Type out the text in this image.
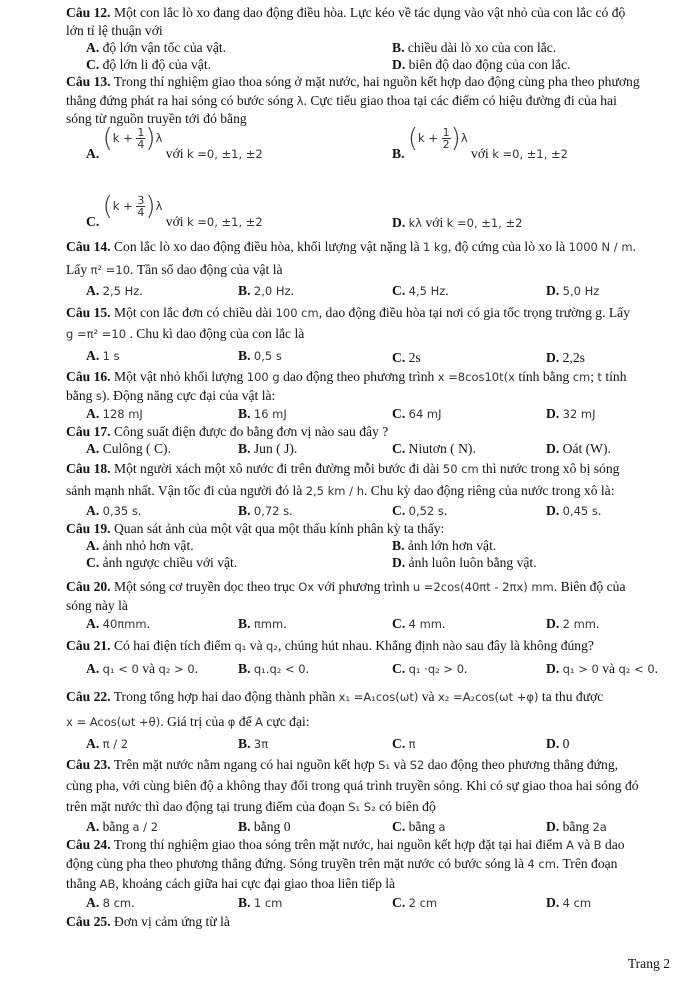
Câu 12. Một con lắc lò xo đang dao động điều hòa. Lực kéo về tác dụng vào vật nhỏ của con lắc có độ
lớn tỉ lệ thuận với
A. độ lớn vận tốc của vật.	B. chiều dài lò xo của con lắc.
C. độ lớn li độ của vật.	D. biên độ dao động của con lắc.
Câu 13. Trong thí nghiệm giao thoa sóng ở mặt nước, hai nguồn kết hợp dao động cùng pha theo phương
thẳng đứng phát ra hai sóng có bước sóng λ. Cực tiểu giao thoa tại các điểm có hiệu đường đi của hai
sóng từ nguồn truyền tới đó bằng
A. $^{(k + \frac{1}{4} )\lambda}$ với k =0, ±1, ±2	B. $^{(k + \frac{1}{2} )\lambda}$ với k =0, ±1, ±2
C. $^{(k + \frac{3}{4} )\lambda}$ với k =0, ±1, ±2	D. kλ với k =0, ±1, ±2
Câu 14. Con lắc lò xo dao động điều hòa, khối lượng vật nặng là 1 kg, độ cứng của lò xo là 1000 N / m.
Lấy π² =10. Tần số dao động của vật là
A. 2,5 Hz.	B. 2,0 Hz.	C. 4,5 Hz.	D. 5,0 Hz
Câu 15. Một con lắc đơn có chiều dài 100 cm, dao động điều hòa tại nơi có gia tốc trọng trường g. Lấy
g =π² =10 . Chu kì dao động của con lắc là
A. 1 s	B. 0,5 s	C. 2s	D. 2,2s
Câu 16. Một vật nhỏ khối lượng 100 g dao động theo phương trình x =8cos10t(x tính bằng cm; t tính
bằng s). Động năng cực đại của vật là:
A. 128 mJ	B. 16 mJ	C. 64 mJ	D. 32 mJ
Câu 17. Công suất điện được đo bằng đơn vị nào sau đây ?
A. Culông ( C).	B. Jun ( J).	C. Niutơn ( N).	D. Oát (W).
Câu 18. Một người xách một xô nước đi trên đường mỗi bước đi dài 50 cm thì nước trong xô bị sóng
sánh mạnh nhất. Vận tốc đi của người đó là 2,5 km / h. Chu kỳ dao động riêng của nước trong xô là:
A. 0,35 s.	B. 0,72 s.	C. 0,52 s.	D. 0,45 s.
Câu 19. Quan sát ảnh của một vật qua một thấu kính phân kỳ ta thấy:
A. ảnh nhỏ hơn vật.	B. ảnh lớn hơn vật.
C. ảnh ngược chiều với vật.	D. ảnh luôn luôn bằng vật.
Câu 20. Một sóng cơ truyền dọc theo trục Ox với phương trình u =2cos(40πt - 2πx) mm. Biên độ của
sóng này là
A. 40πmm.	B. πmm.	C. 4 mm.	D. 2 mm.
Câu 21. Có hai điện tích điểm q₁ và q₂, chúng hút nhau. Khẳng định nào sau đây là không đúng?
A. q₁ < 0 và q₂ > 0.	B. q₁.q₂ < 0.	C. q₁ ·q₂ > 0.	D. q₁ > 0 và q₂ < 0.
Câu 22. Trong tổng hợp hai dao động thành phần x₁ =A₁cos(ωt) và x₂ =A₂cos(ωt +φ) ta thu được
x = Acos(ωt +θ). Giá trị của φ để A cực đại:
A. π / 2	B. 3π	C. π	D. 0
Câu 23. Trên mặt nước nằm ngang có hai nguồn kết hợp S₁ và S2 dao động theo phương thẳng đứng,
cùng pha, với cùng biên độ a không thay đổi trong quá trình truyền sóng. Khi có sự giao thoa hai sóng đó
trên mặt nước thì dao động tại trung điểm của đoạn S₁ S₂ có biên độ
A. bằng a / 2	B. bằng 0	C. bằng a	D. bằng 2a
Câu 24. Trong thí nghiệm giao thoa sóng trên mặt nước, hai nguồn kết hợp đặt tại hai điểm A và B dao
động cùng pha theo phương thẳng đứng. Sóng truyền trên mặt nước có bước sóng là 4 cm. Trên đoạn
thẳng AB, khoảng cách giữa hai cực đại giao thoa liên tiếp là
A. 8 cm.	B. 1 cm	C. 2 cm	D. 4 cm
Câu 25. Đơn vị cảm ứng từ là
Trang 2
